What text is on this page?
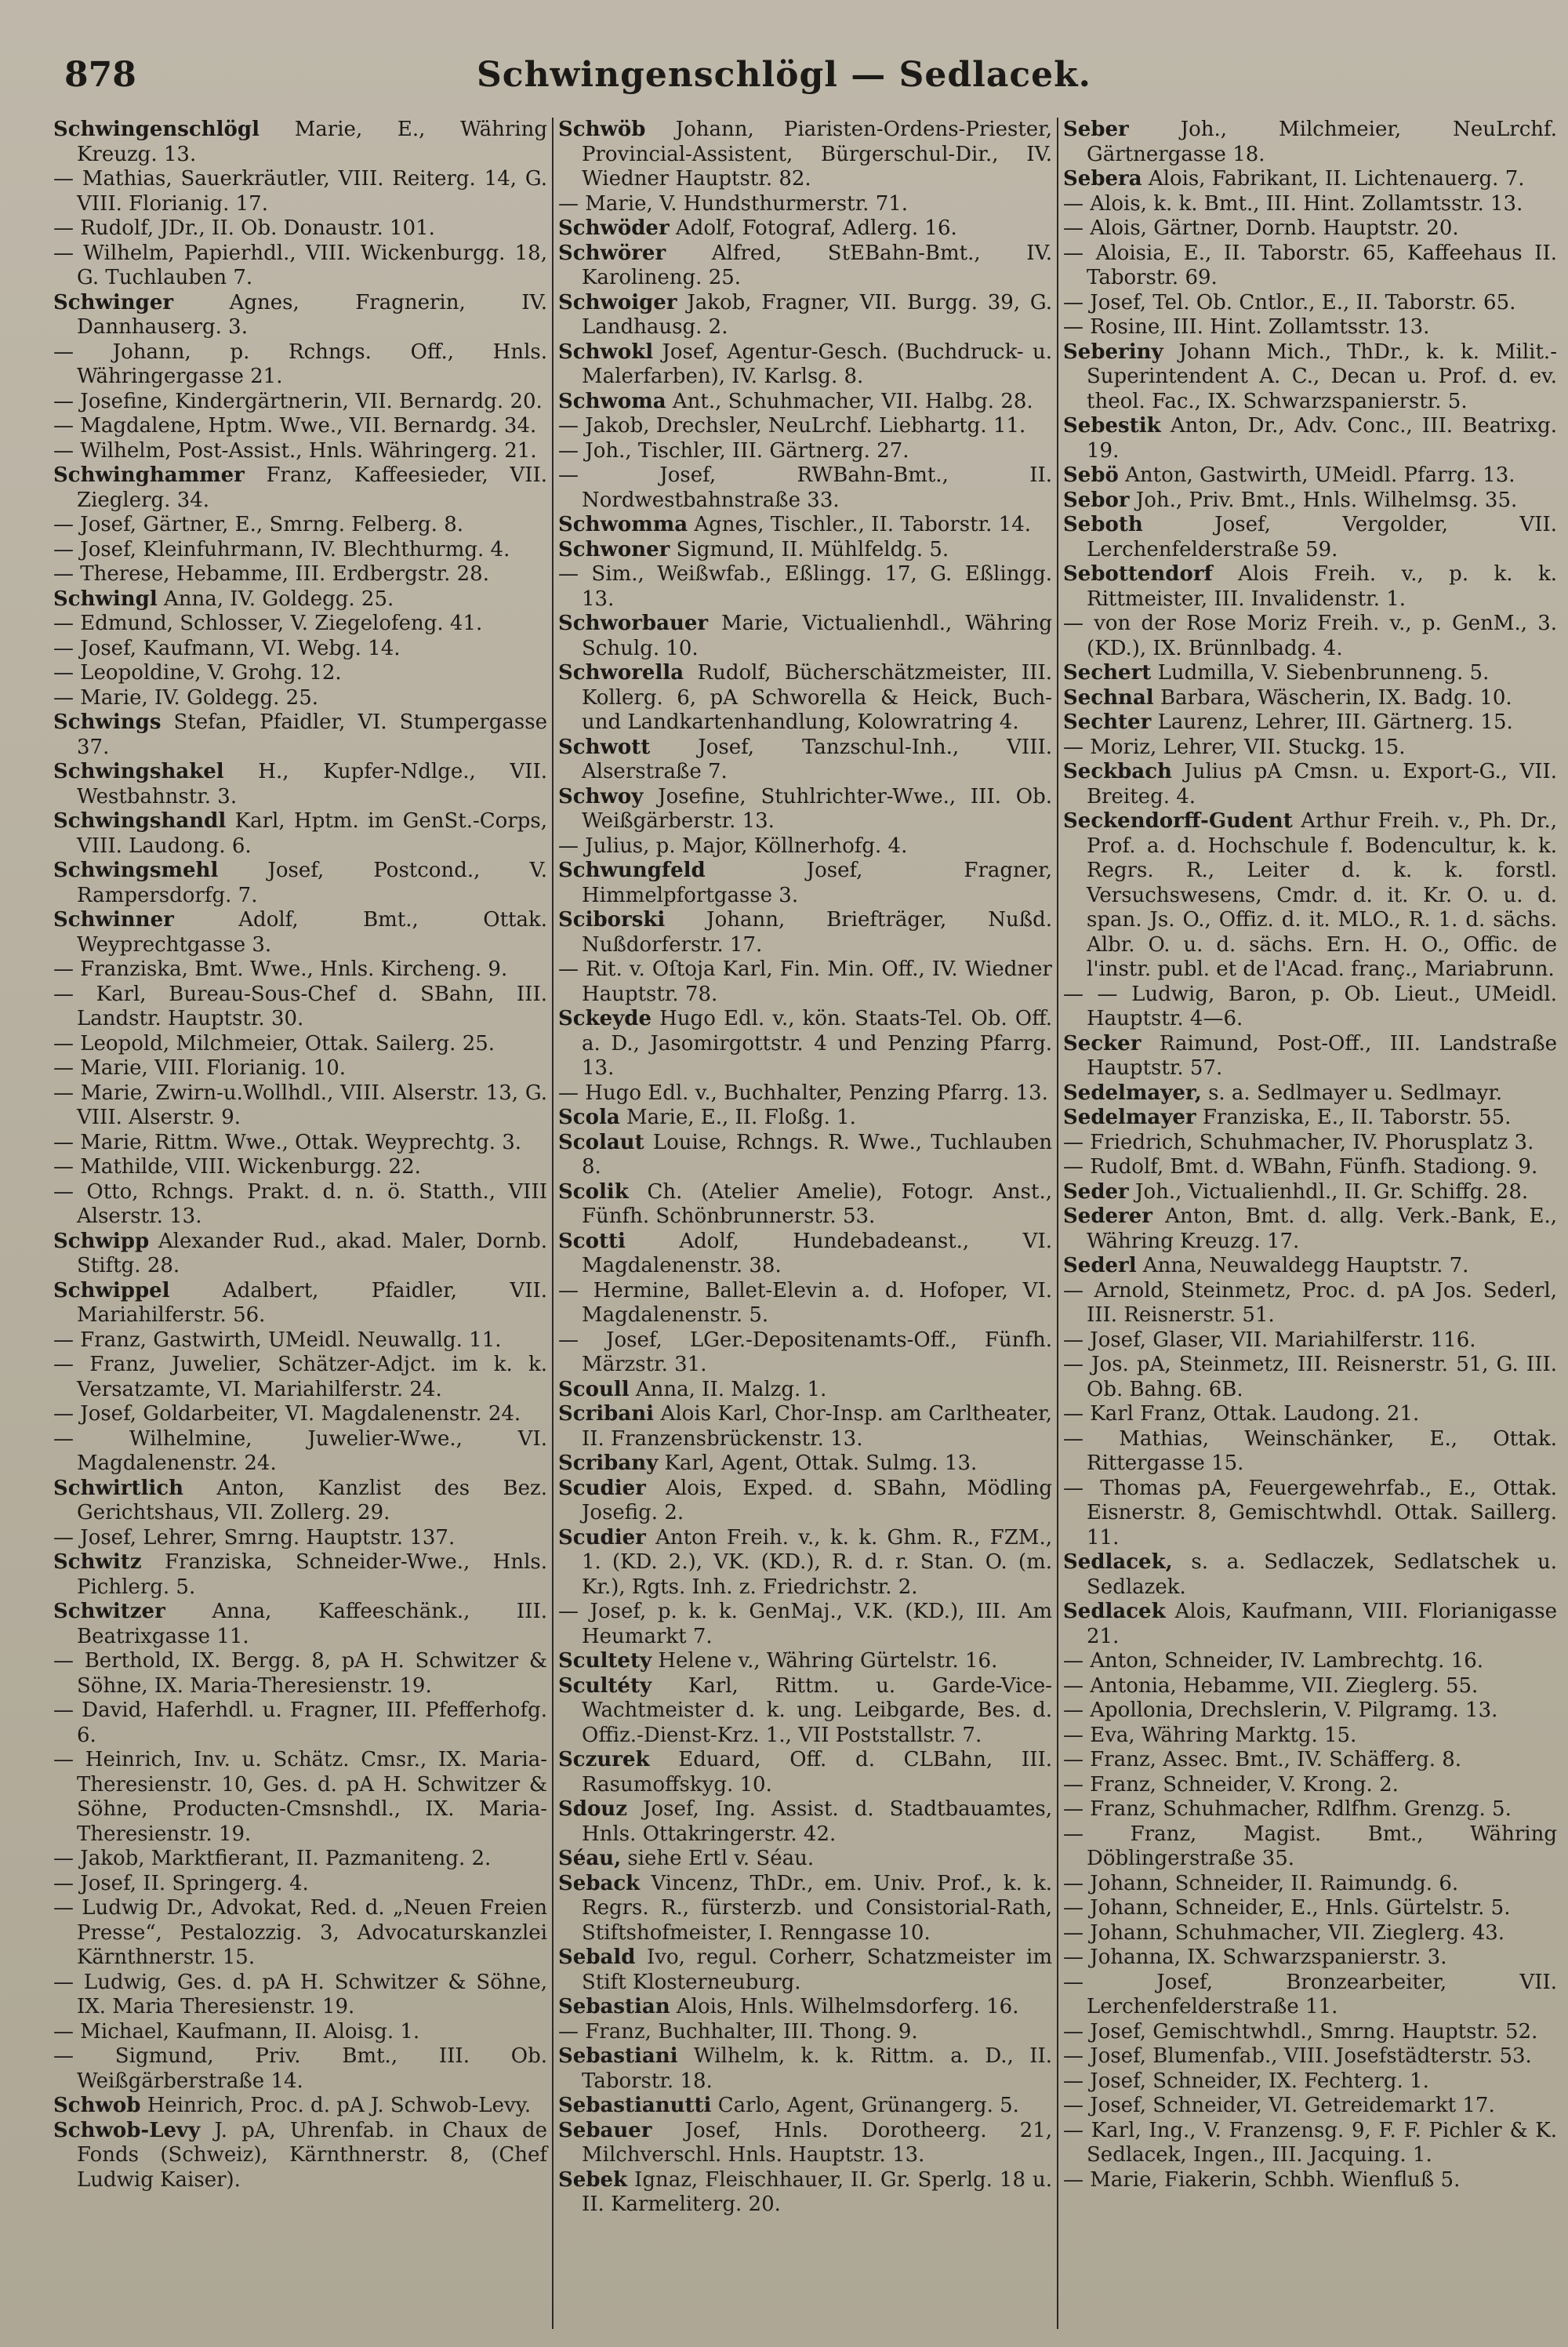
878	Schwingenschlögl — Sedlacek.
Schwingenschlögl Marie, E., Währing Kreuzg. 13.
— Mathias, Sauerkräutler, VIII. Reiterg. 14, G. VIII. Florianig. 17.
— Rudolf, JDr., II. Ob. Donaustr. 101.
— Wilhelm, Papierhdl., VIII. Wickenburgg. 18, G. Tuchlauben 7.
Schwinger	Agnes, Fragnerin, IV. Dannhauserg. 3.
— Johann, p. Rchngs. Off., Hnls. Währingergasse 21.
— Josefine, Kindergärtnerin, VII. Bernardg. 20.
— Magdalene, Hptm. Wwe., VII. Bernardg. 34.
— Wilhelm, Post-Assist., Hnls. Währingerg. 21.
Schwinghammer Franz, Kaffeesieder, VII. Zieglerg. 34.
— Josef, Gärtner, E., Smrng. Felberg. 8.
— Josef, Kleinfuhrmann, IV. Blechthurmg. 4.
— Therese, Hebamme, III. Erdbergstr. 28.
Schwingl Anna, IV. Goldegg. 25.
— Edmund, Schlosser, V. Ziegelofeng. 41.
— Josef, Kaufmann, VI. Webg. 14.
— Leopoldine, V. Grohg. 12.
— Marie, IV. Goldegg. 25.
Schwings Stefan, Pfaidler, VI. Stumpergasse 37.
Schwingshakel H., Kupfer-Ndlge., VII. Westbahnstr. 3.
Schwingshandl Karl, Hptm. im GenSt.-Corps, VIII. Laudong. 6.
Schwingsmehl Josef, Postcond., V. Rampersdorfg. 7.
Schwinner	Adolf, Bmt., Ottak. Weyprechtgasse 3.
— Franziska, Bmt. Wwe., Hnls. Kircheng. 9.
— Karl, Bureau-Sous-Chef d. SBahn, III. Landstr. Hauptstr. 30.
— Leopold, Milchmeier, Ottak. Sailerg. 25.
— Marie, VIII. Florianig. 10.
— Marie, Zwirn-u.Wollhdl., VIII. Alserstr. 13, G. VIII. Alserstr. 9.
— Marie, Rittm. Wwe., Ottak. Weyprechtg. 3.
— Mathilde, VIII. Wickenburgg. 22.
— Otto, Rchngs. Prakt. d. n. ö. Statth., VIII Alserstr. 13.
Schwipp Alexander Rud., akad. Maler, Dornb. Stiftg. 28.
Schwippel	Adalbert, Pfaidler, VII. Mariahilferstr. 56.
— Franz, Gastwirth, UMeidl. Neuwallg. 11.
— Franz, Juwelier, Schätzer-Adjct. im k. k. Versatzamte, VI. Mariahilferstr. 24.
— Josef, Goldarbeiter, VI. Magdalenenstr. 24.
— Wilhelmine, Juwelier-Wwe., VI. Magdalenenstr. 24.
Schwirtlich Anton, Kanzlist des Bez. Gerichtshaus, VII. Zollerg. 29.
— Josef, Lehrer, Smrng. Hauptstr. 137.
Schwitz Franziska, Schneider-Wwe., Hnls. Pichlerg. 5.
Schwitzer Anna, Kaffeeschänk., III. Beatrixgasse 11.
— Berthold, IX. Bergg. 8, pA H. Schwitzer & Söhne, IX. Maria-Theresienstr. 19.
— David, Haferhdl. u. Fragner, III. Pfefferhofg. 6.
— Heinrich, Inv. u. Schätz. Cmsr., IX. Maria-Theresienstr. 10, Ges. d. pA H. Schwitzer & Söhne, Producten-Cmsnshdl., IX. Maria-Theresienstr. 19.
— Jakob, Marktfierant, II. Pazmaniteng. 2.
— Josef, II. Springerg. 4.
— Ludwig Dr., Advokat, Red. d. „Neuen Freien Presse“, Pestalozzig. 3, Advocaturskanzlei Kärnthnerstr. 15.
— Ludwig, Ges. d. pA H. Schwitzer & Söhne, IX. Maria Theresienstr. 19.
— Michael, Kaufmann, II. Aloisg. 1.
— Sigmund, Priv. Bmt., III. Ob. Weißgärberstraße 14.
Schwob Heinrich, Proc. d. pA J. Schwob-Levy.
Schwob-Levy J. pA, Uhrenfab. in Chaux de Fonds (Schweiz), Kärnthnerstr. 8, (Chef Ludwig Kaiser).
Schwöb Johann, Piaristen-Ordens-Priester, Provincial-Assistent, Bürgerschul-Dir., IV. Wiedner Hauptstr. 82.
— Marie, V. Hundsthurmerstr. 71.
Schwöder Adolf, Fotograf, Adlerg. 16.
Schwörer Alfred, StEBahn-Bmt., IV. Karolineng. 25.
Schwoiger Jakob, Fragner, VII. Burgg. 39, G. Landhausg. 2.
Schwokl Josef, Agentur-Gesch. (Buchdruck- u. Malerfarben), IV. Karlsg. 8.
Schwoma Ant., Schuhmacher, VII. Halbg. 28.
— Jakob, Drechsler, NeuLrchf. Liebhartg. 11.
— Joh., Tischler, III. Gärtnerg. 27.
— Josef, RWBahn-Bmt., II. Nordwestbahnstraße 33.
Schwomma Agnes, Tischler., II. Taborstr. 14.
Schwoner Sigmund, II. Mühlfeldg. 5.
— Sim., Weißwfab., Eßlingg. 17, G. Eßlingg. 13.
Schworbauer Marie, Victualienhdl., Währing Schulg. 10.
Schworella Rudolf, Bücherschätzmeister, III. Kollerg. 6, pA Schworella & Heick, Buch- und Landkartenhandlung, Kolowratring 4.
Schwott Josef, Tanzschul-Inh., VIII. Alserstraße 7.
Schwoy Josefine, Stuhlrichter-Wwe., III. Ob. Weißgärberstr. 13.
— Julius, p. Major, Köllnerhofg. 4.
Schwungfeld	Josef, Fragner, Himmelpfortgasse 3.
Sciborski Johann, Briefträger, Nußd. Nußdorferstr. 17.
— Rit. v. Oſtoja Karl, Fin. Min. Off., IV. Wiedner Hauptstr. 78.
Sckeyde Hugo Edl. v., kön. Staats-Tel. Ob. Off. a. D., Jasomirgottstr. 4 und Penzing Pfarrg. 13.
— Hugo Edl. v., Buchhalter, Penzing Pfarrg. 13.
Scola Marie, E., II. Floßg. 1.
Scolaut Louise, Rchngs. R. Wwe., Tuchlauben 8.
Scolik Ch. (Atelier Amelie), Fotogr. Anst., Fünfh. Schönbrunnerstr. 53.
Scotti	Adolf, Hundebadeanst., VI. Magdalenenstr. 38.
— Hermine, Ballet-Elevin a. d. Hofoper, VI. Magdalenenstr. 5.
— Josef, LGer.-Depositenamts-Off., Fünfh. Märzstr. 31.
Scoull Anna, II. Malzg. 1.
Scribani Alois Karl, Chor-Insp. am Carltheater, II. Franzensbrückenstr. 13.
Scribany Karl, Agent, Ottak. Sulmg. 13.
Scudier Alois, Exped. d. SBahn, Mödling Josefig. 2.
Scudier Anton Freih. v., k. k. Ghm. R., FZM., 1. (KD. 2.), VK. (KD.), R. d. r. Stan. O. (m. Kr.), Rgts. Inh. z. Friedrichstr. 2.
— Josef, p. k. k. GenMaj., V.K. (KD.), III. Am Heumarkt 7.
Scultety Helene v., Währing Gürtelstr. 16.
Scultéty Karl, Rittm. u. Garde-Vice-Wachtmeister d. k. ung. Leibgarde, Bes. d. Offiz.-Dienst-Krz. 1., VII Poststallstr. 7.
Sczurek Eduard, Off. d. CLBahn, III. Rasumoffskyg. 10.
Sdouz Josef, Ing. Assist. d. Stadtbauamtes, Hnls. Ottakringerstr. 42.
Séau, siehe Ertl v. Séau.
Seback Vincenz, ThDr., em. Univ. Prof., k. k. Regrs. R., fürsterzb. und Consistorial-Rath, Stiftshofmeister, I. Renngasse 10.
Sebald Ivo, regul. Corherr, Schatzmeister im Stift Klosterneuburg.
Sebastian Alois, Hnls. Wilhelmsdorferg. 16.
— Franz, Buchhalter, III. Thong. 9.
Sebastiani Wilhelm, k. k. Rittm. a. D., II. Taborstr. 18.
Sebastianutti Carlo, Agent, Grünangerg. 5.
Sebauer Josef, Hnls. Dorotheerg. 21, Milchverschl. Hnls. Hauptstr. 13.
Sebek Ignaz, Fleischhauer, II. Gr. Sperlg. 18 u. II. Karmeliterg. 20.
Seber	Joh., Milchmeier, NeuLrchf. Gärtnergasse 18.
Sebera Alois, Fabrikant, II. Lichtenauerg. 7.
— Alois, k. k. Bmt., III. Hint. Zollamtsstr. 13.
— Alois, Gärtner, Dornb. Hauptstr. 20.
— Aloisia, E., II. Taborstr. 65, Kaffeehaus II. Taborstr. 69.
— Josef, Tel. Ob. Cntlor., E., II. Taborstr. 65.
— Rosine, III. Hint. Zollamtsstr. 13.
Seberiny Johann Mich., ThDr., k. k. Milit.-Superintendent A. C., Decan u. Prof. d. ev. theol. Fac., IX. Schwarzspanierstr. 5.
Sebestik Anton, Dr., Adv. Conc., III. Beatrixg. 19.
Sebö Anton, Gastwirth, UMeidl. Pfarrg. 13.
Sebor Joh., Priv. Bmt., Hnls. Wilhelmsg. 35.
Seboth	Josef, Vergolder, VII. Lerchenfelderstraße 59.
Sebottendorf Alois Freih. v., p. k. k. Rittmeister, III. Invalidenstr. 1.
— von der Rose Moriz Freih. v., p. GenM., 3. (KD.), IX. Brünnlbadg. 4.
Sechert Ludmilla, V. Siebenbrunneng. 5.
Sechnal Barbara, Wäscherin, IX. Badg. 10.
Sechter Laurenz, Lehrer, III. Gärtnerg. 15.
— Moriz, Lehrer, VII. Stuckg. 15.
Seckbach Julius pA Cmsn. u. Export-G., VII. Breiteg. 4.
Seckendorff-Gudent Arthur Freih. v., Ph. Dr., Prof. a. d. Hochschule f. Bodencultur, k. k. Regrs. R., Leiter d. k. k. forstl. Versuchswesens, Cmdr. d. it. Kr. O. u. d. span. Js. O., Offiz. d. it. MLO., R. 1. d. sächs. Albr. O. u. d. sächs. Ern. H. O., Offic. de l'instr. publ. et de l'Acad. franç., Mariabrunn.
— — Ludwig, Baron, p. Ob. Lieut., UMeidl. Hauptstr. 4—6.
Secker Raimund, Post-Off., III. Landstraße Hauptstr. 57.
Sedelmayer, s. a. Sedlmayer u. Sedlmayr.
Sedelmayer Franziska, E., II. Taborstr. 55.
— Friedrich, Schuhmacher, IV. Phorusplatz 3.
— Rudolf, Bmt. d. WBahn, Fünfh. Stadiong. 9.
Seder Joh., Victualienhdl., II. Gr. Schiffg. 28.
Sederer Anton, Bmt. d. allg. Verk.-Bank, E., Währing Kreuzg. 17.
Sederl Anna, Neuwaldegg Hauptstr. 7.
— Arnold, Steinmetz, Proc. d. pA Jos. Sederl, III. Reisnerstr. 51.
— Josef, Glaser, VII. Mariahilferstr. 116.
— Jos. pA, Steinmetz, III. Reisnerstr. 51, G. III. Ob. Bahng. 6B.
— Karl Franz, Ottak. Laudong. 21.
— Mathias, Weinschänker, E., Ottak. Rittergasse 15.
— Thomas pA, Feuergewehrfab., E., Ottak. Eisnerstr. 8, Gemischtwhdl. Ottak. Saillerg. 11.
Sedlacek, s. a. Sedlaczek, Sedlatschek u. Sedlazek.
Sedlacek Alois, Kaufmann, VIII. Florianigasse 21.
— Anton, Schneider, IV. Lambrechtg. 16.
— Antonia, Hebamme, VII. Zieglerg. 55.
— Apollonia, Drechslerin, V. Pilgramg. 13.
— Eva, Währing Marktg. 15.
— Franz, Assec. Bmt., IV. Schäfferg. 8.
— Franz, Schneider, V. Krong. 2.
— Franz, Schuhmacher, Rdlfhm. Grenzg. 5.
— Franz, Magist. Bmt., Währing Döblingerstraße 35.
— Johann, Schneider, II. Raimundg. 6.
— Johann, Schneider, E., Hnls. Gürtelstr. 5.
— Johann, Schuhmacher, VII. Zieglerg. 43.
— Johanna, IX. Schwarzspanierstr. 3.
— Josef, Bronzearbeiter, VII. Lerchenfelderstraße 11.
— Josef, Gemischtwhdl., Smrng. Hauptstr. 52.
— Josef, Blumenfab., VIII. Josefstädterstr. 53.
— Josef, Schneider, IX. Fechterg. 1.
— Josef, Schneider, VI. Getreidemarkt 17.
— Karl, Ing., V. Franzensg. 9, F. F. Pichler & K. Sedlacek, Ingen., III. Jacquing. 1.
— Marie, Fiakerin, Schbh. Wienfluß 5.
